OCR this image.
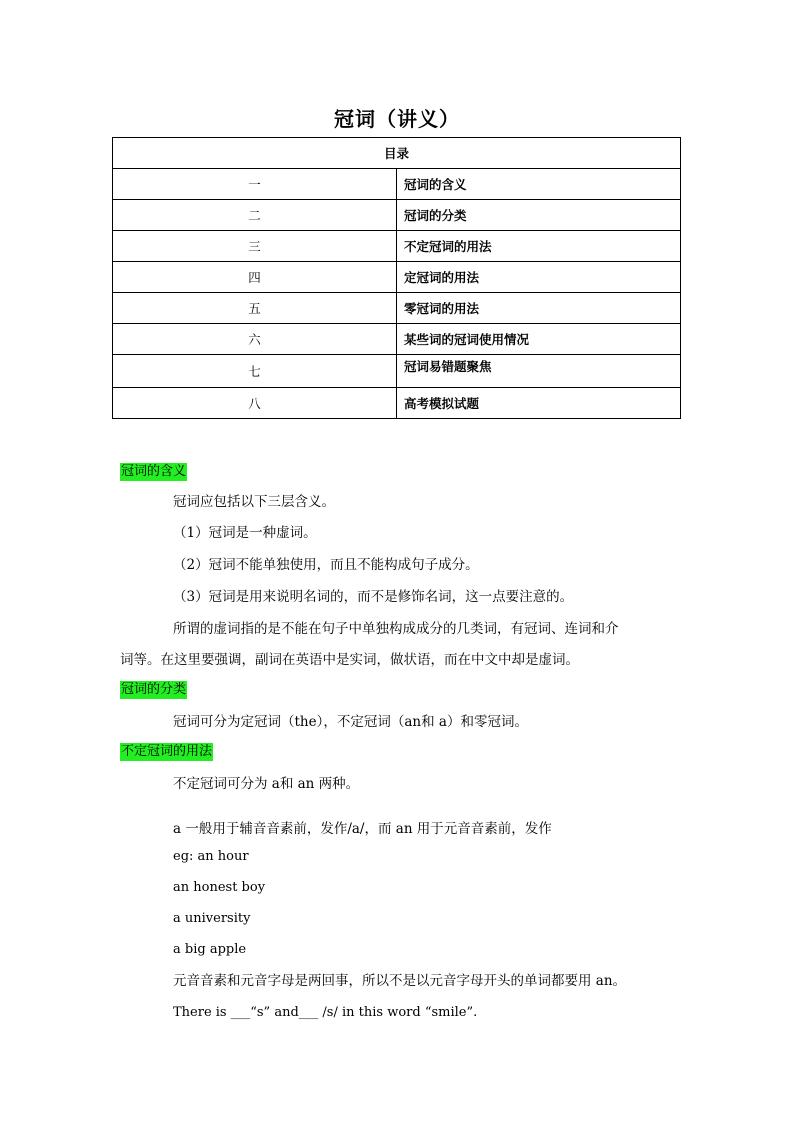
冠词（讲义）
目录	
一	冠词的含义
二	冠词的分类
三	不定冠词的用法
四	定冠词的用法
五	零冠词的用法
六	某些词的冠词使用情况
七	冠词易错题聚焦
八	高考模拟试题
冠词的含义
冠词应包括以下三层含义。
（1）冠词是一种虚词。
（2）冠词不能单独使用，而且不能构成句子成分。
（3）冠词是用来说明名词的，而不是修饰名词，这一点要注意的。
所谓的虚词指的是不能在句子中单独构成成分的几类词，有冠词、连词和介
词等。在这里要强调，副词在英语中是实词，做状语，而在中文中却是虚词。
冠词的分类
冠词可分为定冠词（the），不定冠词（an和 a）和零冠词。
不定冠词的用法
不定冠词可分为 a和 an 两种。
a 一般用于辅音音素前，发作/a/，而 an 用于元音音素前，发作
eg: an hour
an honest boy
a university
a big apple
元音音素和元音字母是两回事，所以不是以元音字母开头的单词都要用 an。
There is ___“s” and___ /s/ in this word “smile”.
